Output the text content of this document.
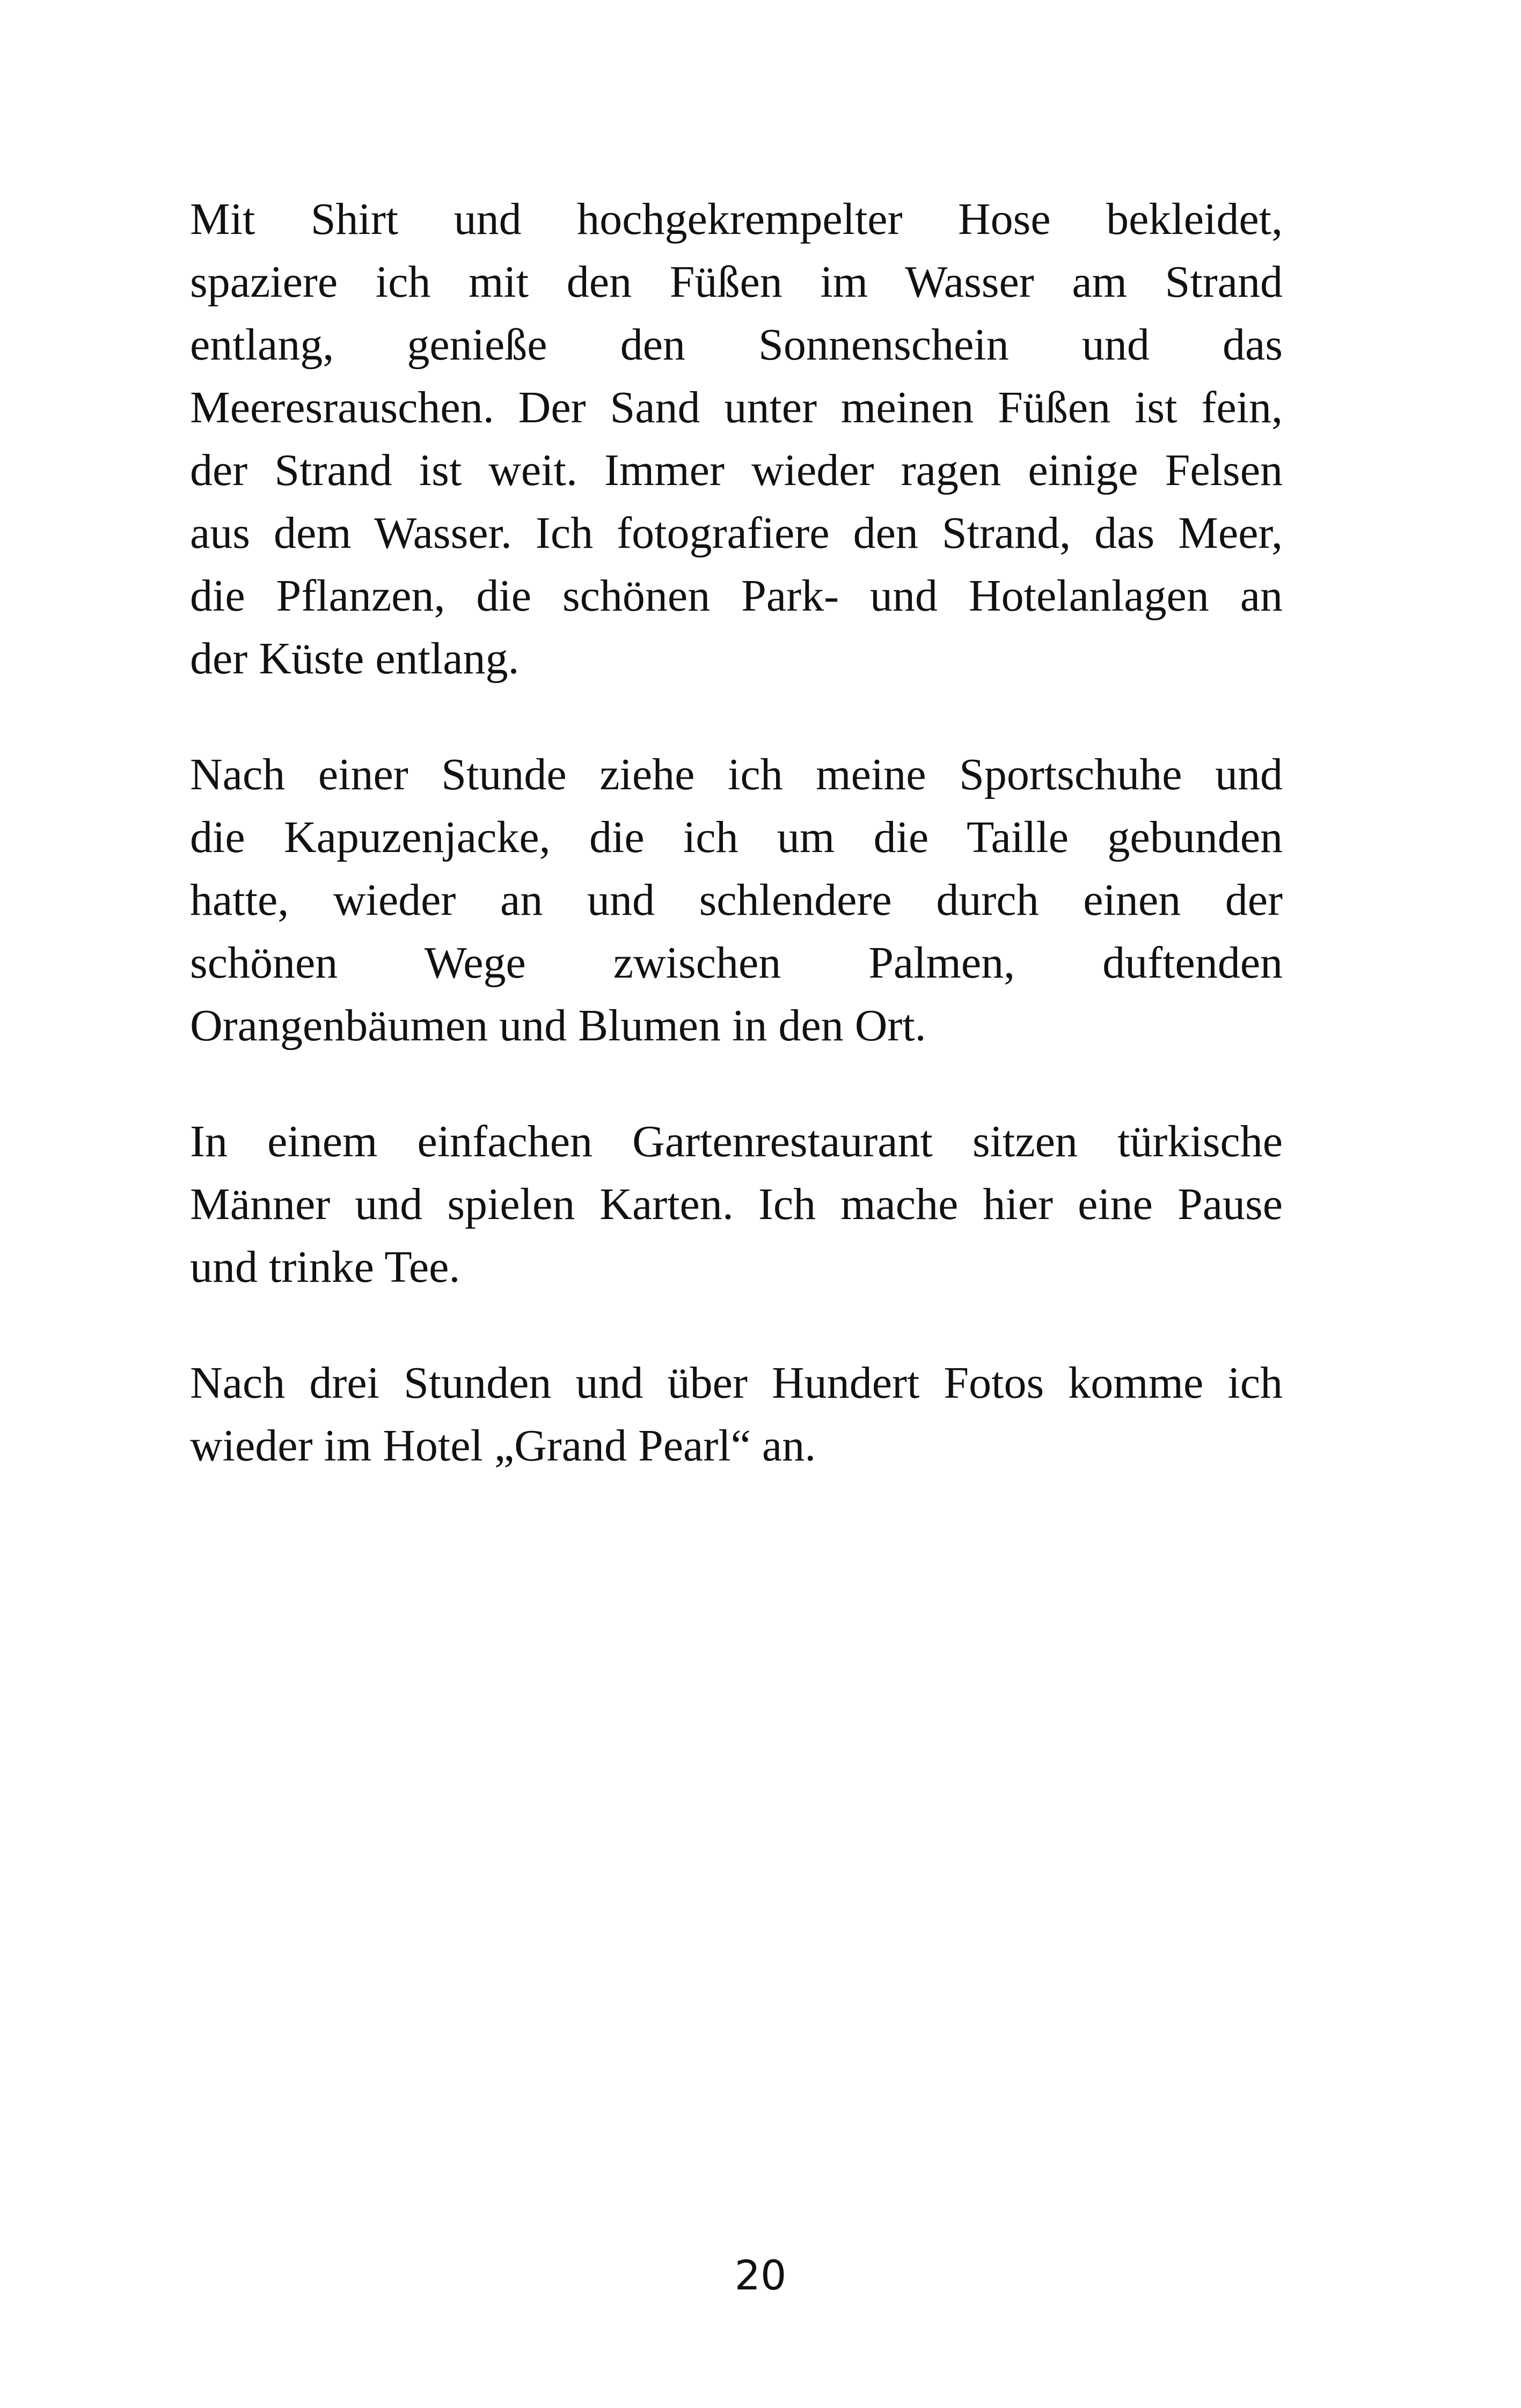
Mit Shirt und hochgekrempelter Hose bekleidet,
spaziere ich mit den Füßen im Wasser am Strand
entlang, genieße den Sonnenschein und das
Meeresrauschen. Der Sand unter meinen Füßen ist fein,
der Strand ist weit. Immer wieder ragen einige Felsen
aus dem Wasser. Ich fotografiere den Strand, das Meer,
die Pflanzen, die schönen Park- und Hotelanlagen an
der Küste entlang.
Nach einer Stunde ziehe ich meine Sportschuhe und
die Kapuzenjacke, die ich um die Taille gebunden
hatte, wieder an und schlendere durch einen der
schönen Wege zwischen Palmen, duftenden
Orangenbäumen und Blumen in den Ort.
In einem einfachen Gartenrestaurant sitzen türkische
Männer und spielen Karten. Ich mache hier eine Pause
und trinke Tee.
Nach drei Stunden und über Hundert Fotos komme ich
wieder im Hotel „Grand Pearl“ an.
20
